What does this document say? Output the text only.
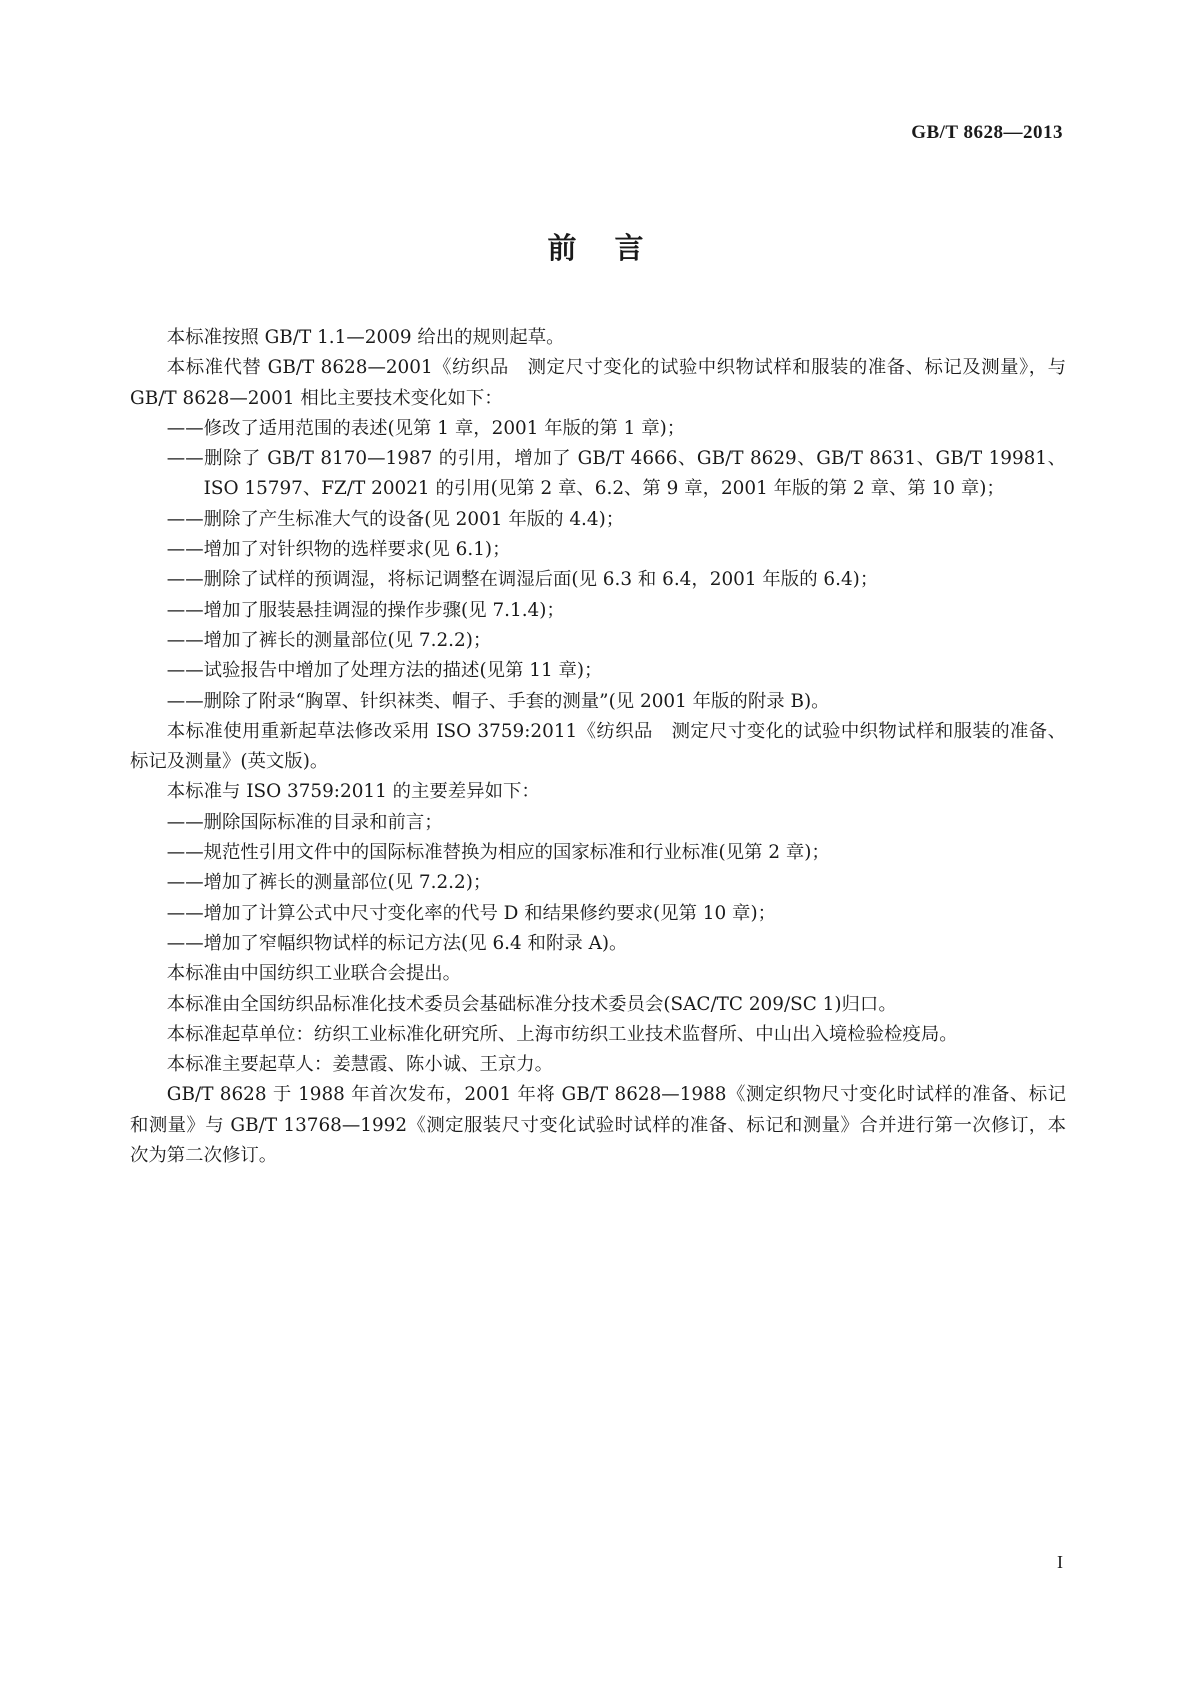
GB/T 8628—2013
前言

本标准按照 GB/T 1.1—2009 给出的规则起草。

本标准代替 GB/T 8628—2001《纺织品　测定尺寸变化的试验中织物试样和服装的准备、标记及测量》，与 GB/T 8628—2001 相比主要技术变化如下：

——修改了适用范围的表述(见第 1 章，2001 年版的第 1 章)；

——删除了 GB/T 8170—1987 的引用，增加了 GB/T 4666、GB/T 8629、GB/T 8631、GB/T 19981、ISO 15797、FZ/T 20021 的引用(见第 2 章、6.2、第 9 章，2001 年版的第 2 章、第 10 章)；

——删除了产生标准大气的设备(见 2001 年版的 4.4)；

——增加了对针织物的选样要求(见 6.1)；

——删除了试样的预调湿，将标记调整在调湿后面(见 6.3 和 6.4，2001 年版的 6.4)；

——增加了服装悬挂调湿的操作步骤(见 7.1.4)；

——增加了裤长的测量部位(见 7.2.2)；

——试验报告中增加了处理方法的描述(见第 11 章)；

——删除了附录“胸罩、针织袜类、帽子、手套的测量”(见 2001 年版的附录 B)。

本标准使用重新起草法修改采用 ISO 3759:2011《纺织品　测定尺寸变化的试验中织物试样和服装的准备、标记及测量》(英文版)。

本标准与 ISO 3759:2011 的主要差异如下：

——删除国际标准的目录和前言；

——规范性引用文件中的国际标准替换为相应的国家标准和行业标准(见第 2 章)；

——增加了裤长的测量部位(见 7.2.2)；

——增加了计算公式中尺寸变化率的代号 D 和结果修约要求(见第 10 章)；

——增加了窄幅织物试样的标记方法(见 6.4 和附录 A)。

本标准由中国纺织工业联合会提出。

本标准由全国纺织品标准化技术委员会基础标准分技术委员会(SAC/TC 209/SC 1)归口。

本标准起草单位：纺织工业标准化研究所、上海市纺织工业技术监督所、中山出入境检验检疫局。

本标准主要起草人：姜慧霞、陈小诚、王京力。

GB/T 8628 于 1988 年首次发布，2001 年将 GB/T 8628—1988《测定织物尺寸变化时试样的准备、标记和测量》与 GB/T 13768—1992《测定服装尺寸变化试验时试样的准备、标记和测量》合并进行第一次修订，本次为第二次修订。

I
